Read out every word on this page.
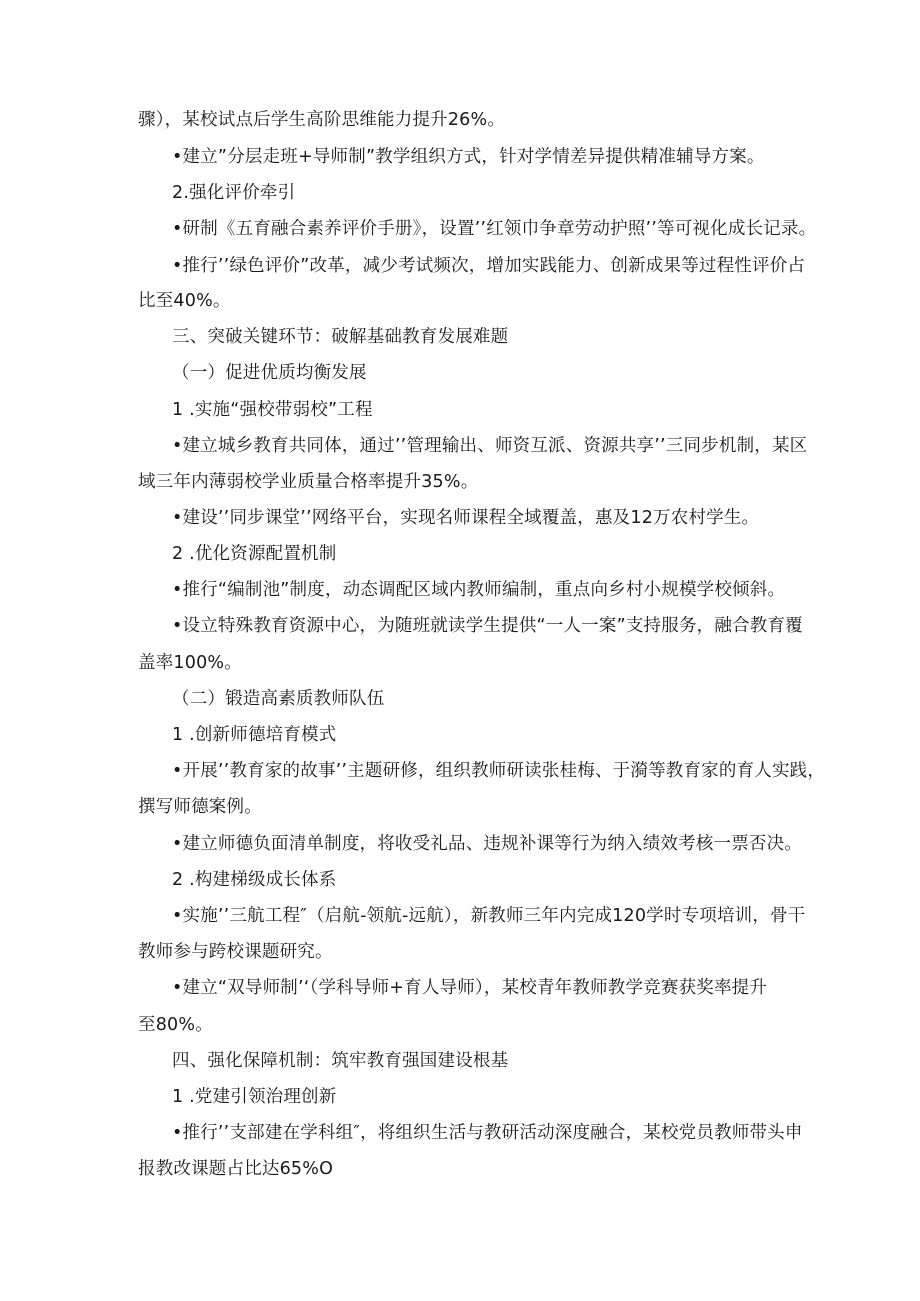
骤），某校试点后学生高阶思维能力提升26%。
•建立”分层走班+导师制”教学组织方式，针对学情差异提供精准辅导方案。
2.强化评价牵引
•研制《五育融合素养评价手册》，设置’’红领巾争章劳动护照’’等可视化成长记录。
•推行’’绿色评价”改革，减少考试频次，增加实践能力、创新成果等过程性评价占
比至40%。
三、突破关键环节：破解基础教育发展难题
（一）促进优质均衡发展
1 .实施“强校带弱校”工程
•建立城乡教育共同体，通过’’管理输出、师资互派、资源共享’’三同步机制，某区
域三年内薄弱校学业质量合格率提升35%。
•建设’’同步课堂’’网络平台，实现名师课程全域覆盖，惠及12万农村学生。
2 .优化资源配置机制
•推行“编制池”制度，动态调配区域内教师编制，重点向乡村小规模学校倾斜。
•设立特殊教育资源中心，为随班就读学生提供“一人一案”支持服务，融合教育覆
盖率100%。
（二）锻造高素质教师队伍
1 .创新师德培育模式
•开展’’教育家的故事’’主题研修，组织教师研读张桂梅、于漪等教育家的育人实践，
撰写师德案例。
•建立师德负面清单制度，将收受礼品、违规补课等行为纳入绩效考核一票否决。
2 .构建梯级成长体系
•实施’’三航工程″（启航-领航-远航），新教师三年内完成120学时专项培训，骨干
教师参与跨校课题研究。
•建立“双导师制’‘（学科导师+育人导师），某校青年教师教学竞赛获奖率提升
至80%。
四、强化保障机制：筑牢教育强国建设根基
1 .党建引领治理创新
•推行’’支部建在学科组″，将组织生活与教研活动深度融合，某校党员教师带头申
报教改课题占比达65%O
